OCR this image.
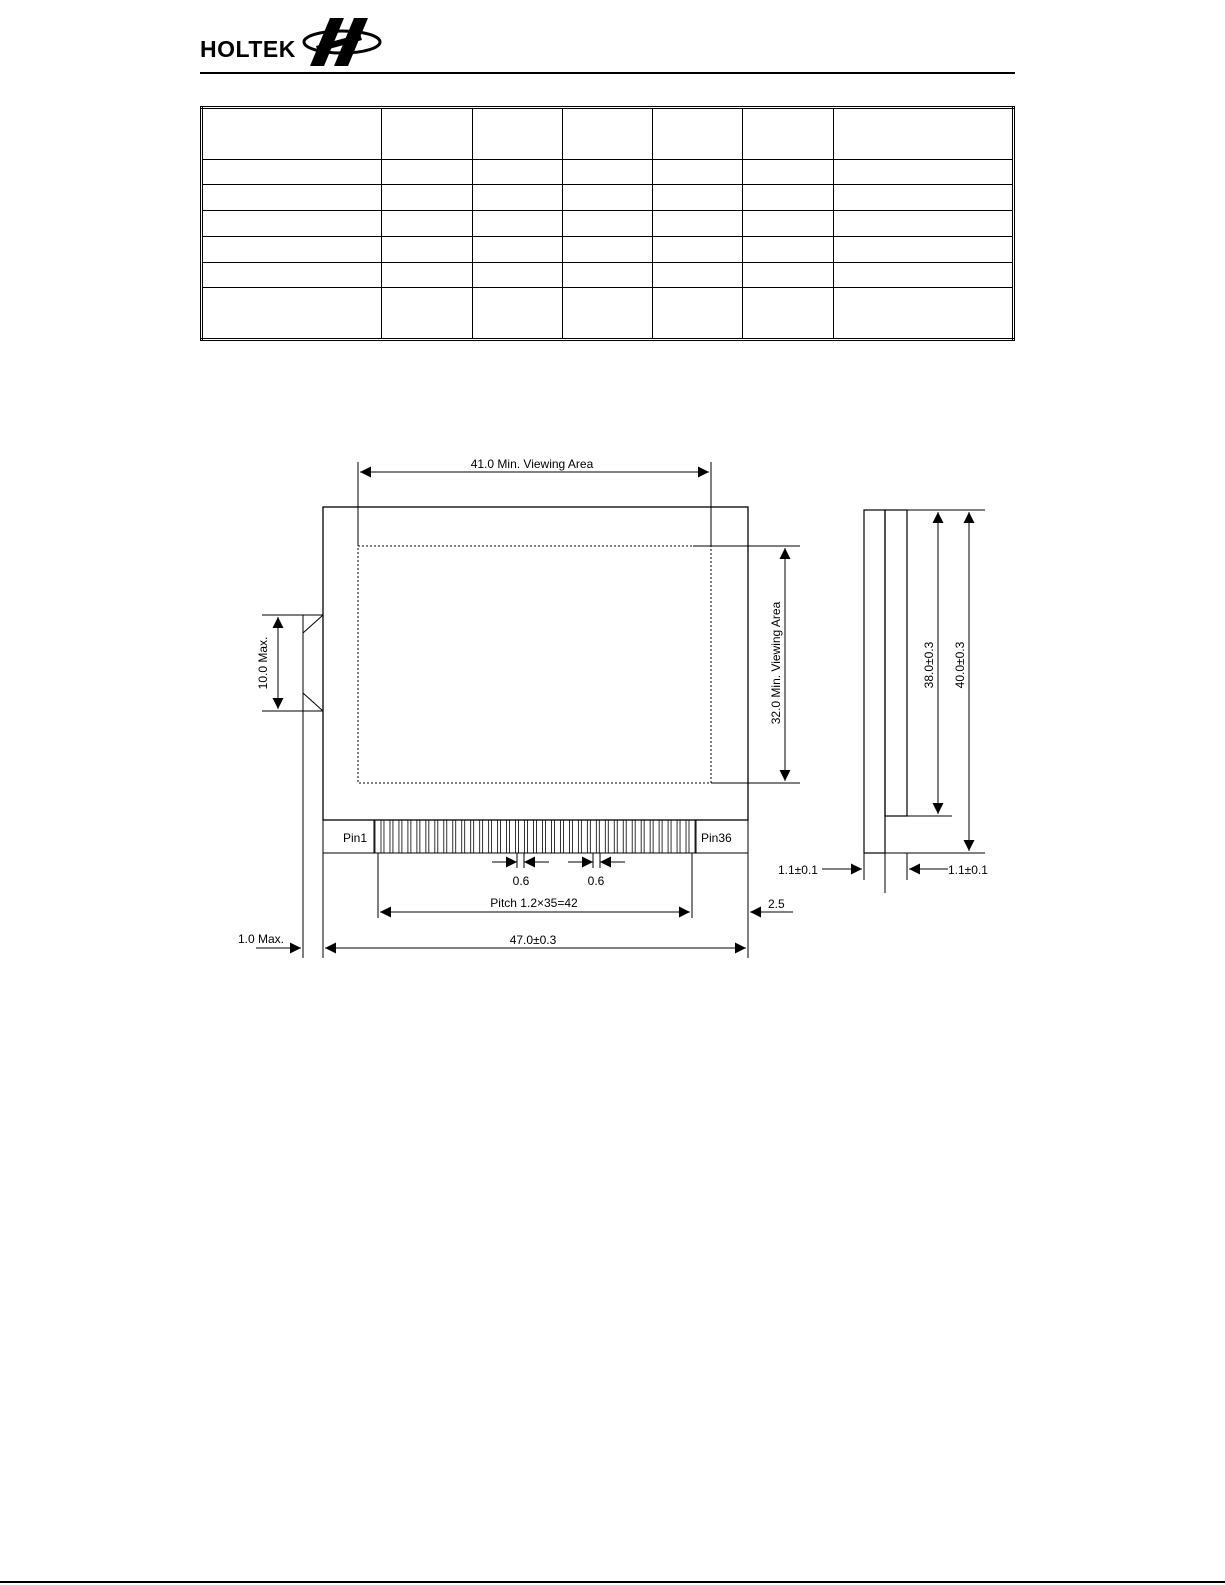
HOLTEK

41.0 Min. Viewing Area
32.0 Min. Viewing Area
10.0 Max.
Pin1	Pin36
0.6	0.6
Pitch 1.2×35=42	2.5
1.0 Max.	47.0±0.3
38.0±0.3 40.0±0.3
1.1±0.1	1.1±0.1
